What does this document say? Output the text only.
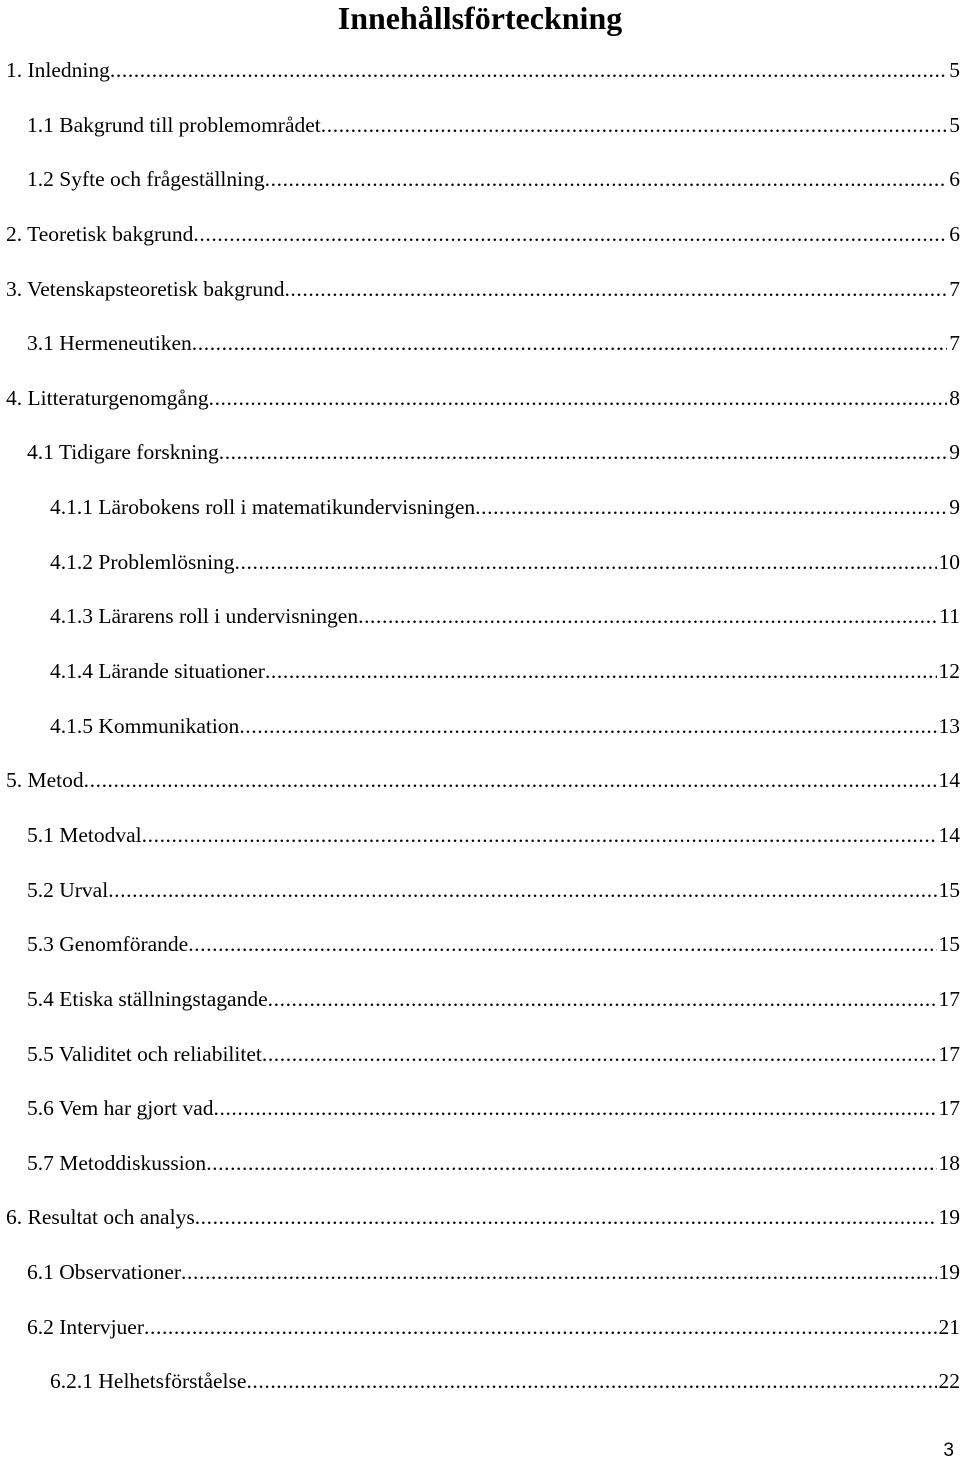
Innehållsförteckning
1. Inledning .....	5
1.1 Bakgrund till problemområdet .....	5
1.2 Syfte och frågeställning .....	6
2. Teoretisk bakgrund .....	6
3. Vetenskapsteoretisk bakgrund .....	7
3.1 Hermeneutiken .....	7
4. Litteraturgenomgång .....	8
4.1 Tidigare forskning .....	9
4.1.1 Lärobokens roll i matematikundervisningen .....	9
4.1.2 Problemlösning .....	10
4.1.3 Lärarens roll i undervisningen .....	11
4.1.4 Lärande situationer .....	12
4.1.5 Kommunikation .....	13
5. Metod .....	14
5.1 Metodval .....	14
5.2 Urval .....	15
5.3 Genomförande .....	15
5.4 Etiska ställningstagande .....	17
5.5 Validitet och reliabilitet .....	17
5.6 Vem har gjort vad .....	17
5.7 Metoddiskussion .....	18
6. Resultat och analys .....	19
6.1 Observationer .....	19
6.2 Intervjuer .....	21
6.2.1 Helhetsförståelse .....	22
3
